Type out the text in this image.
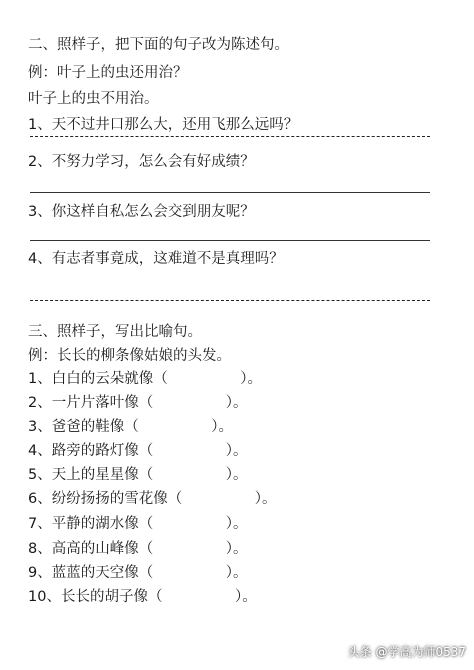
二、照样子，把下面的句子改为陈述句。
例：叶子上的虫还用治？
叶子上的虫不用治。
1、天不过井口那么大，还用飞那么远吗？
2、不努力学习，怎么会有好成绩？
3、你这样自私怎么会交到朋友呢？
4、有志者事竟成，这难道不是真理吗？
三、照样子，写出比喻句。
例：长长的柳条像姑娘的头发。
1、白白的云朵就像（　　　　　）。
2、一片片落叶像（　　　　　）。
3、爸爸的鞋像（　　　　　）。
4、路旁的路灯像（　　　　　）。
5、天上的星星像（　　　　　）。
6、纷纷扬扬的雪花像（　　　　　）。
7、平静的湖水像（　　　　　）。
8、高高的山峰像（　　　　　）。
9、蓝蓝的天空像（　　　　　）。
10、长长的胡子像（　　　　　）。
头条 @学高为师0537
